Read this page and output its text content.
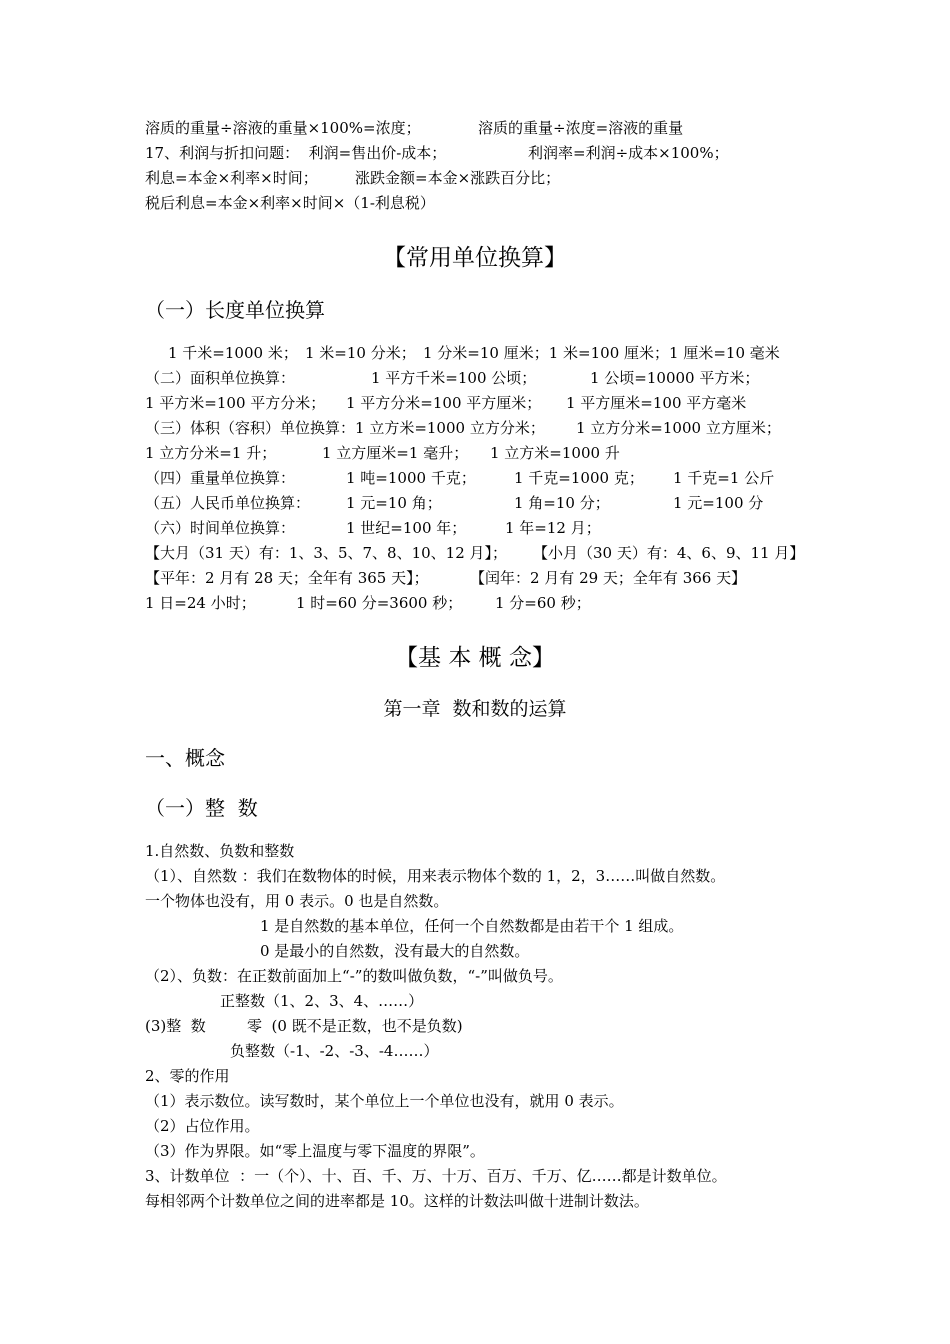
溶质的重量÷溶液的重量×100%=浓度；	溶质的重量÷浓度=溶液的重量
17、利润与折扣问题：  利润=售出价-成本；	利润率=利润÷成本×100%；
利息=本金×利率×时间； 涨跌金额=本金×涨跌百分比；
税后利息=本金×利率×时间×（1-利息税）
【常用单位换算】
（一）长度单位换算
1 千米=1000 米； 1 米=10 分米； 1 分米=10 厘米；1 米=100 厘米；1 厘米=10 毫米
（二）面积单位换算：	1 平方千米=100 公顷；	1 公顷=10000 平方米；
1 平方米=100 平方分米； 1 平方分米=100 平方厘米； 1 平方厘米=100 平方毫米
（三）体积（容积）单位换算：1 立方米=1000 立方分米； 1 立方分米=1000 立方厘米；
1 立方分米=1 升；	1 立方厘米=1 毫升； 1 立方米=1000 升
（四）重量单位换算：	1 吨=1000 千克；	1 千克=1000 克； 1 千克=1 公斤
（五）人民币单位换算： 1 元=10 角；	1 角=10 分；	1 元=100 分
（六）时间单位换算：	1 世纪=100 年；	1 年=12 月；
【大月（31 天）有：1、3、5、7、8、10、12 月】； 【小月（30 天）有：4、6、9、11 月】
【平年：2 月有 28 天；全年有 365 天】；	【闰年：2 月有 29 天；全年有 366 天】
1 日=24 小时；	1 时=60 分=3600 秒； 1 分=60 秒；
【基 本 概 念】
第一章  数和数的运算
一、概念
（一）整  数
1.自然数、负数和整数
（1）、自然数 ：我们在数物体的时候，用来表示物体个数的 1，2，3……叫做自然数。
一个物体也没有，用 0 表示。0 也是自然数。
1 是自然数的基本单位，任何一个自然数都是由若干个 1 组成。
0 是最小的自然数，没有最大的自然数。
（2）、负数：在正数前面加上“-”的数叫做负数，“-”叫做负号。
正整数（1、2、3、4、……）
(3)整  数	零  (0 既不是正数，也不是负数)
负整数（-1、-2、-3、-4……）
2、零的作用
（1）表示数位。读写数时，某个单位上一个单位也没有，就用 0 表示。
（2）占位作用。
（3）作为界限。如“零上温度与零下温度的界限”。
3、计数单位  ：一（个）、十、百、千、万、十万、百万、千万、亿……都是计数单位。
每相邻两个计数单位之间的进率都是 10。这样的计数法叫做十进制计数法。
